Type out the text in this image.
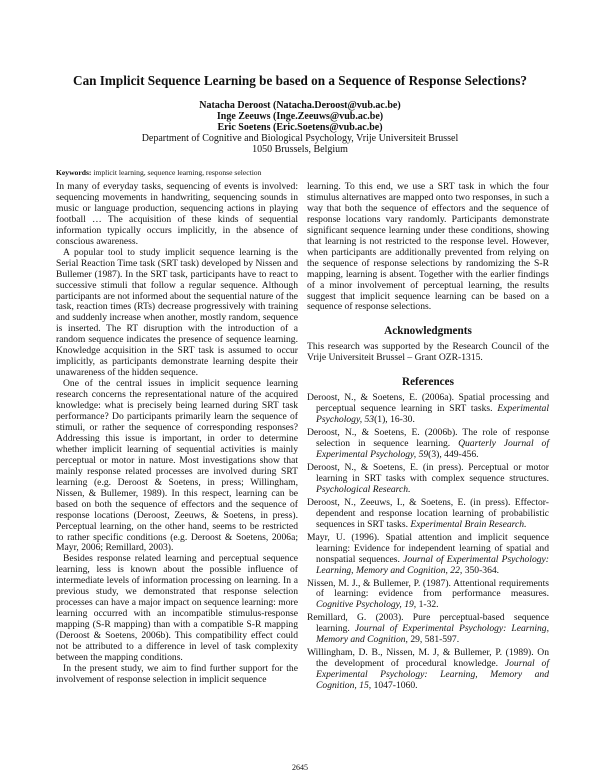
Can Implicit Sequence Learning be based on a Sequence of Response Selections?
Natacha Deroost (Natacha.Deroost@vub.ac.be)
Inge Zeeuws (Inge.Zeeuws@vub.ac.be)
Eric Soetens (Eric.Soetens@vub.ac.be)
Department of Cognitive and Biological Psychology, Vrije Universiteit Brussel
1050 Brussels, Belgium
Keywords: implicit learning, sequence learning, response selection

In many of everyday tasks, sequencing of events is involved: sequencing movements in handwriting, sequencing sounds in music or language production, sequencing actions in playing football … The acquisition of these kinds of sequential information typically occurs implicitly, in the absence of conscious awareness.

A popular tool to study implicit sequence learning is the Serial Reaction Time task (SRT task) developed by Nissen and Bullemer (1987). In the SRT task, participants have to react to successive stimuli that follow a regular sequence. Although participants are not informed about the sequential nature of the task, reaction times (RTs) decrease progressively with training and suddenly increase when another, mostly random, sequence is inserted. The RT disruption with the introduction of a random sequence indicates the presence of sequence learning. Knowledge acquisition in the SRT task is assumed to occur implicitly, as participants demonstrate learning despite their unawareness of the hidden sequence.

One of the central issues in implicit sequence learning research concerns the representational nature of the acquired knowledge: what is precisely being learned during SRT task performance? Do participants primarily learn the sequence of stimuli, or rather the sequence of corresponding responses? Addressing this issue is important, in order to determine whether implicit learning of sequential activities is mainly perceptual or motor in nature. Most investigations show that mainly response related processes are involved during SRT learning (e.g. Deroost & Soetens, in press; Willingham, Nissen, & Bullemer, 1989). In this respect, learning can be based on both the sequence of effectors and the sequence of response locations (Deroost, Zeeuws, & Soetens, in press). Perceptual learning, on the other hand, seems to be restricted to rather specific conditions (e.g. Deroost & Soetens, 2006a; Mayr, 2006; Remillard, 2003).

Besides response related learning and perceptual sequence learning, less is known about the possible influence of intermediate levels of information processing on learning. In a previous study, we demonstrated that response selection processes can have a major impact on sequence learning: more learning occurred with an incompatible stimulus-response mapping (S-R mapping) than with a compatible S-R mapping (Deroost & Soetens, 2006b). This compatibility effect could not be attributed to a difference in level of task complexity between the mapping conditions.

In the present study, we aim to find further support for the involvement of response selection in implicit sequence

learning. To this end, we use a SRT task in which the four stimulus alternatives are mapped onto two responses, in such a way that both the sequence of effectors and the sequence of response locations vary randomly. Participants demonstrate significant sequence learning under these conditions, showing that learning is not restricted to the response level. However, when participants are additionally prevented from relying on the sequence of response selections by randomizing the S-R mapping, learning is absent. Together with the earlier findings of a minor involvement of perceptual learning, the results suggest that implicit sequence learning can be based on a sequence of response selections.

Acknowledgments

This research was supported by the Research Council of the Vrije Universiteit Brussel – Grant OZR-1315.

References

Deroost, N., & Soetens, E. (2006a). Spatial processing and perceptual sequence learning in SRT tasks. Experimental Psychology, 53(1), 16-30.

Deroost, N., & Soetens, E. (2006b). The role of response selection in sequence learning. Quarterly Journal of Experimental Psychology, 59(3), 449-456.

Deroost, N., & Soetens, E. (in press). Perceptual or motor learning in SRT tasks with complex sequence structures. Psychological Research.

Deroost, N., Zeeuws, I., & Soetens, E. (in press). Effector-dependent and response location learning of probabilistic sequences in SRT tasks. Experimental Brain Research.

Mayr, U. (1996). Spatial attention and implicit sequence learning: Evidence for independent learning of spatial and nonspatial sequences. Journal of Experimental Psychology: Learning, Memory and Cognition, 22, 350-364.

Nissen, M. J., & Bullemer, P. (1987). Attentional requirements of learning: evidence from performance measures. Cognitive Psychology, 19, 1-32.

Remillard, G. (2003). Pure perceptual-based sequence learning. Journal of Experimental Psychology: Learning, Memory and Cognition, 29, 581-597.

Willingham, D. B., Nissen, M. J, & Bullemer, P. (1989). On the development of procedural knowledge. Journal of Experimental Psychology: Learning, Memory and Cognition, 15, 1047-1060.

2645
